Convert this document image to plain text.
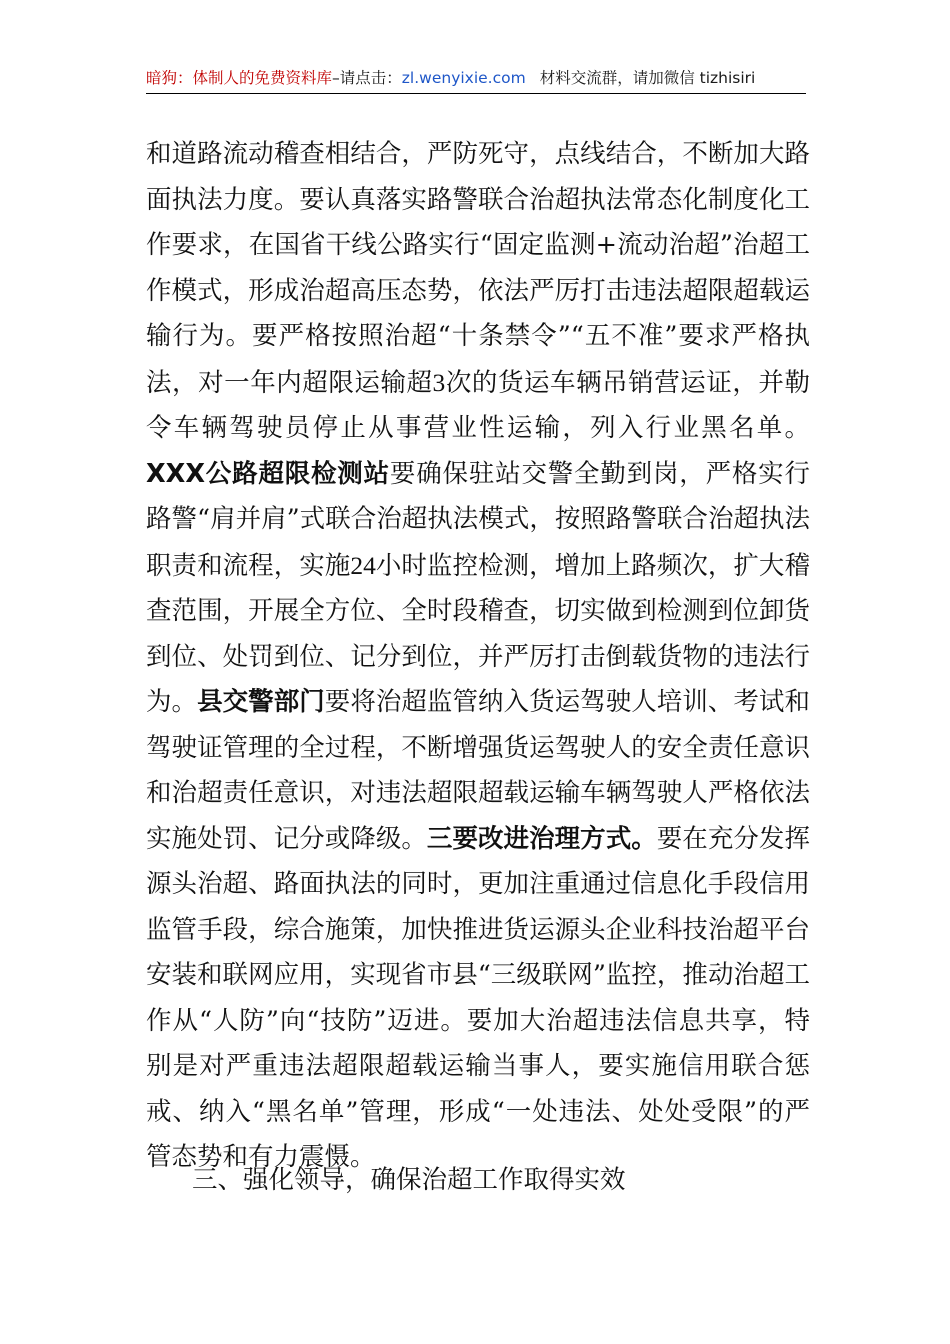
暗狗：体制人的免费资料库–请点击：zl.wenyixie.com 材料交流群，请加微信 tizhisiri

和道路流动稽查相结合，严防死守，点线结合，不断加大路面执法力度。要认真落实路警联合治超执法常态化制度化工作要求，在国省干线公路实行“固定监测+流动治超”治超工作模式，形成治超高压态势，依法严厉打击违法超限超载运输行为。要严格按照治超“十条禁令”“五不准”要求严格执法，对一年内超限运输超3次的货运车辆吊销营运证，并勒令车辆驾驶员停止从事营业性运输，列入行业黑名单。XXX公路超限检测站要确保驻站交警全勤到岗，严格实行路警“肩并肩”式联合治超执法模式，按照路警联合治超执法职责和流程，实施24小时监控检测，增加上路频次，扩大稽查范围，开展全方位、全时段稽查，切实做到检测到位卸货到位、处罚到位、记分到位，并严厉打击倒载货物的违法行为。县交警部门要将治超监管纳入货运驾驶人培训、考试和驾驶证管理的全过程，不断增强货运驾驶人的安全责任意识和治超责任意识，对违法超限超载运输车辆驾驶人严格依法实施处罚、记分或降级。三要改进治理方式。要在充分发挥源头治超、路面执法的同时，更加注重通过信息化手段信用监管手段，综合施策，加快推进货运源头企业科技治超平台安装和联网应用，实现省市县“三级联网”监控，推动治超工作从“人防”向“技防”迈进。要加大治超违法信息共享，特别是对严重违法超限超载运输当事人，要实施信用联合惩戒、纳入“黑名单”管理，形成“一处违法、处处受限”的严管态势和有力震慑。

三、强化领导，确保治超工作取得实效
